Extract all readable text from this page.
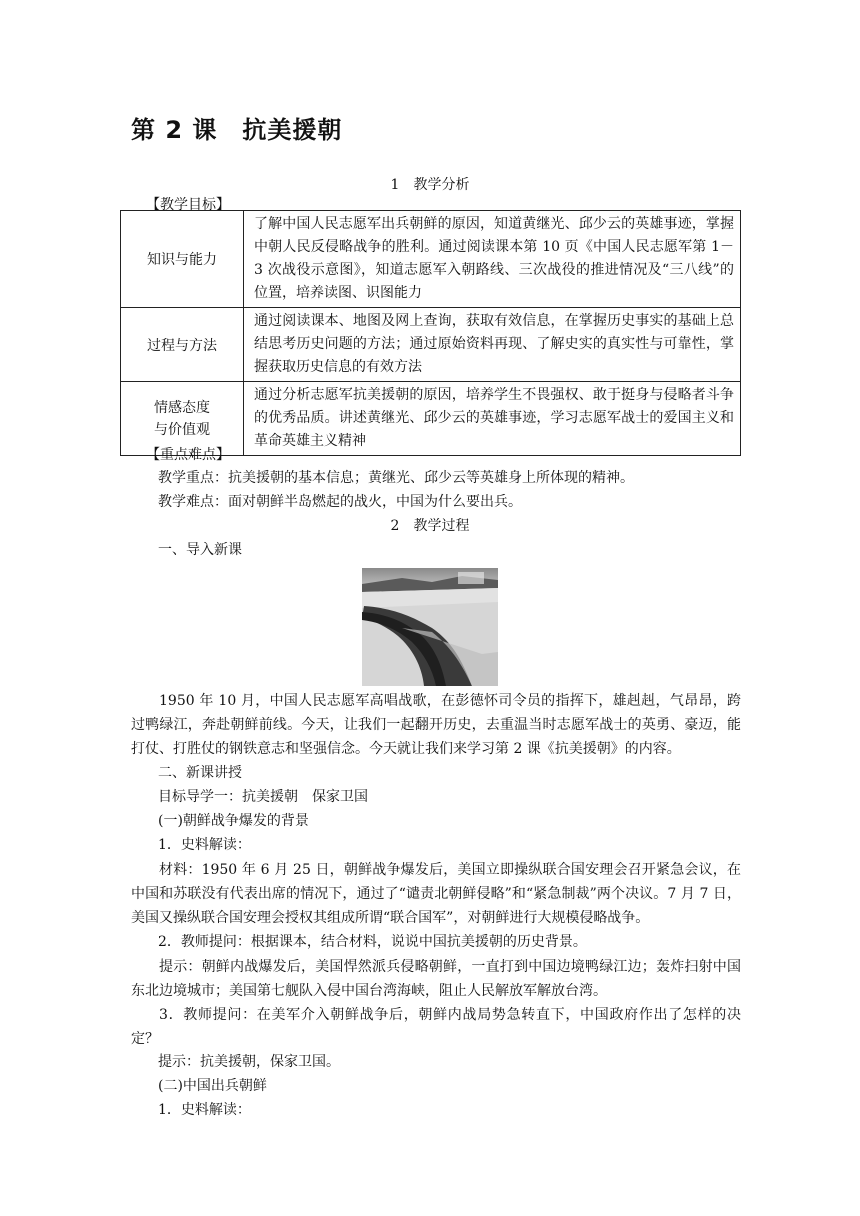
第 2 课　抗美援朝
1　教学分析
【教学目标】
知识与能力	了解中国人民志愿军出兵朝鲜的原因，知道黄继光、邱少云的英雄事迹，掌握中朝人民反侵略战争的胜利。通过阅读课本第 10 页《中国人民志愿军第 1－3 次战役示意图》，知道志愿军入朝路线、三次战役的推进情况及“三八线”的位置，培养读图、识图能力
过程与方法	通过阅读课本、地图及网上查询，获取有效信息，在掌握历史事实的基础上总结思考历史问题的方法；通过原始资料再现、了解史实的真实性与可靠性，掌握获取历史信息的有效方法
情感态度
与价值观	通过分析志愿军抗美援朝的原因，培养学生不畏强权、敢于挺身与侵略者斗争的优秀品质。讲述黄继光、邱少云的英雄事迹，学习志愿军战士的爱国主义和革命英雄主义精神
【重点难点】
教学重点：抗美援朝的基本信息；黄继光、邱少云等英雄身上所体现的精神。
教学难点：面对朝鲜半岛燃起的战火，中国为什么要出兵。
2　教学过程
一、导入新课
1950 年 10 月，中国人民志愿军高唱战歌，在彭德怀司令员的指挥下，雄赳赳，气昂昂，跨过鸭绿江，奔赴朝鲜前线。今天，让我们一起翻开历史，去重温当时志愿军战士的英勇、豪迈，能打仗、打胜仗的钢铁意志和坚强信念。今天就让我们来学习第 2 课《抗美援朝》的内容。
二、新课讲授
目标导学一：抗美援朝　保家卫国
(一)朝鲜战争爆发的背景
1．史料解读：
材料：1950 年 6 月 25 日，朝鲜战争爆发后，美国立即操纵联合国安理会召开紧急会议，在中国和苏联没有代表出席的情况下，通过了“谴责北朝鲜侵略”和“紧急制裁”两个决议。7 月 7 日，美国又操纵联合国安理会授权其组成所谓“联合国军”，对朝鲜进行大规模侵略战争。
2．教师提问：根据课本，结合材料，说说中国抗美援朝的历史背景。
提示：朝鲜内战爆发后，美国悍然派兵侵略朝鲜，一直打到中国边境鸭绿江边；轰炸扫射中国东北边境城市；美国第七舰队入侵中国台湾海峡，阻止人民解放军解放台湾。
3．教师提问：在美军介入朝鲜战争后，朝鲜内战局势急转直下，中国政府作出了怎样的决定？
提示：抗美援朝，保家卫国。
(二)中国出兵朝鲜
1．史料解读：
